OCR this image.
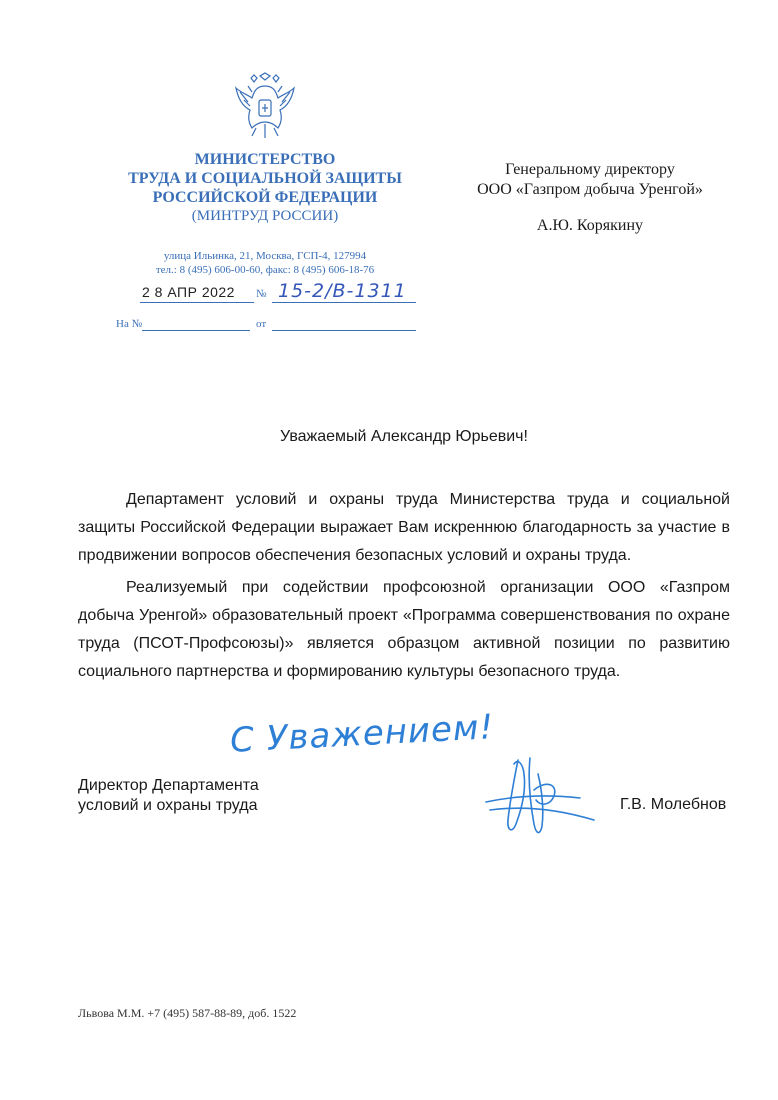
МИНИСТЕРСТВО
ТРУДА И СОЦИАЛЬНОЙ ЗАЩИТЫ
РОССИЙСКОЙ ФЕДЕРАЦИИ
(МИНТРУД РОССИИ)
улица Ильинка, 21, Москва, ГСП-4, 127994
тел.: 8 (495) 606-00-60, факс: 8 (495) 606-18-76
2 8 АПР 2022	№ 15-2/В-1311
На №	от
Генеральному директору
ООО «Газпром добыча Уренгой»
А.Ю. Корякину
Уважаемый Александр Юрьевич!

Департамент условий и охраны труда Министерства труда и социальной защиты Российской Федерации выражает Вам искреннюю благодарность за участие в продвижении вопросов обеспечения безопасных условий и охраны труда.

Реализуемый при содействии профсоюзной организации ООО «Газпром добыча Уренгой» образовательный проект «Программа совершенствования по охране труда (ПСОТ-Профсоюзы)» является образцом активной позиции по развитию социального партнерства и формированию культуры безопасного труда.

С Уважением!
Директор Департамента
условий и охраны труда	Г.В. Молебнов
Львова М.М. +7 (495) 587-88-89, доб. 1522
